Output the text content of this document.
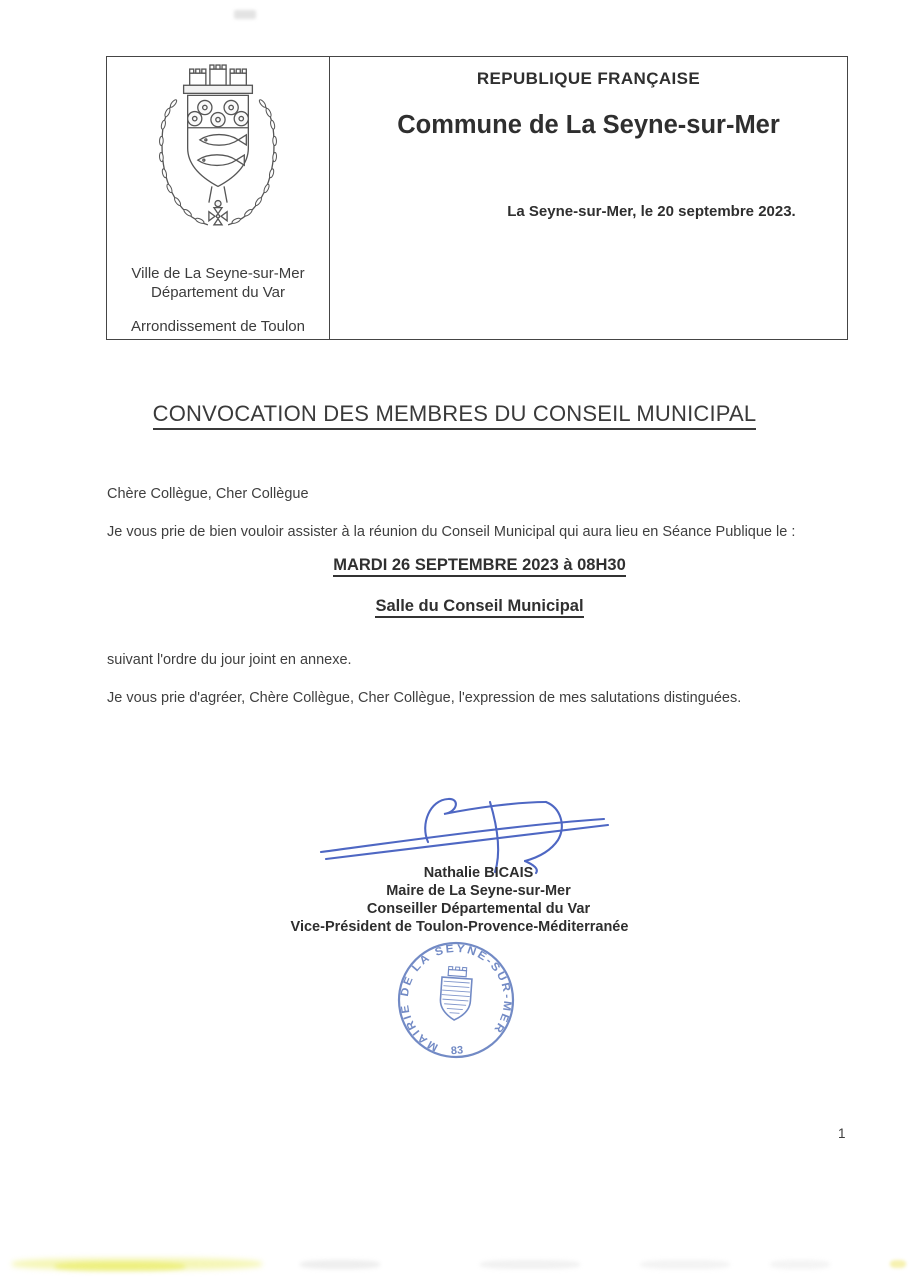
Ville de La Seyne-sur-Mer
Département du Var
Arrondissement de Toulon
REPUBLIQUE FRANÇAISE
Commune de La Seyne-sur-Mer
La Seyne-sur-Mer, le 20 septembre 2023.
CONVOCATION DES MEMBRES DU CONSEIL MUNICIPAL
Chère Collègue, Cher Collègue
Je vous prie de bien vouloir assister à la réunion du Conseil Municipal qui aura lieu en Séance Publique le :
MARDI 26 SEPTEMBRE 2023 à 08H30
Salle du Conseil Municipal
suivant l'ordre du jour joint en annexe.
Je vous prie d'agréer, Chère Collègue, Cher Collègue, l'expression de mes salutations distinguées.
Nathalie BICAIS
Maire de La Seyne-sur-Mer
Conseiller Départemental du Var
Vice-Président de Toulon-Provence-Méditerranée
MAIRIE DE LA SEYNE-SUR-MER
83
1
